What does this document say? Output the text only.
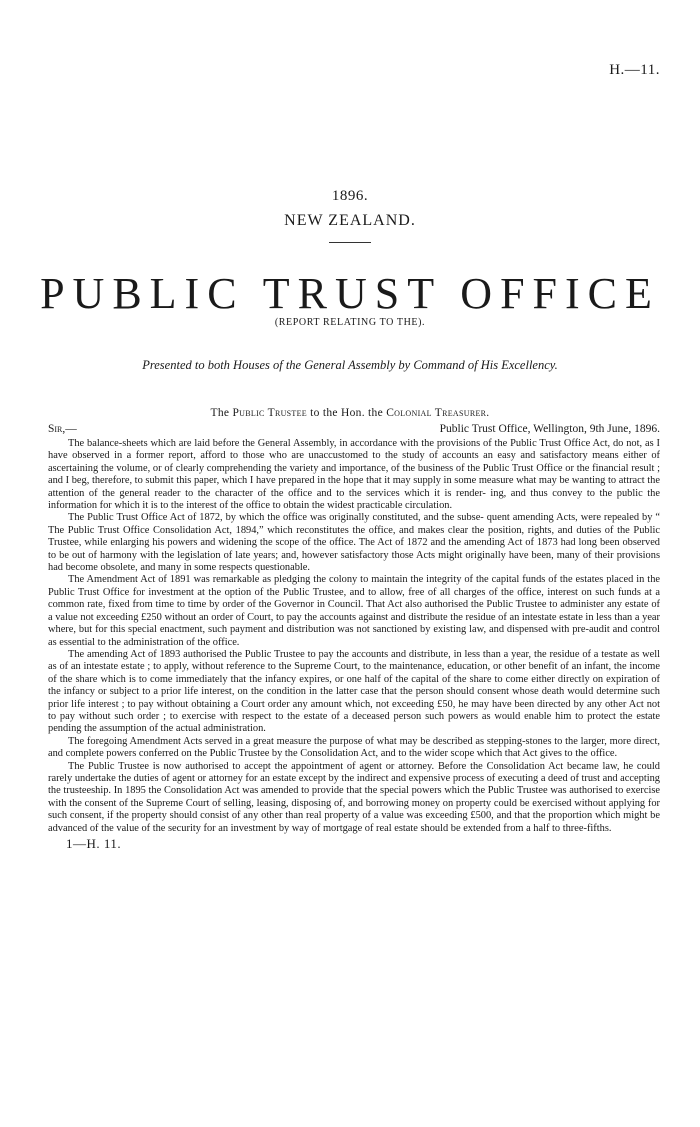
H.—11.
1896.
NEW ZEALAND.
PUBLIC TRUST OFFICE
(REPORT RELATING TO THE).
Presented to both Houses of the General Assembly by Command of His Excellency.
The Public Trustee to the Hon. the Colonial Treasurer.
Sir,—	Public Trust Office, Wellington, 9th June, 1896.

The balance-sheets which are laid before the General Assembly, in accordance with the provisions of the Public Trust Office Act, do not, as I have observed in a former report, afford to those who are unaccustomed to the study of accounts an easy and satisfactory means either of ascertaining the volume, or of clearly comprehending the variety and importance, of the business of the Public Trust Office or the financial result ; and I beg, therefore, to submit this paper, which I have prepared in the hope that it may supply in some measure what may be wanting to attract the attention of the general reader to the character of the office and to the services which it is render- ing, and thus convey to the public the information for which it is to the interest of the office to obtain the widest practicable circulation.

The Public Trust Office Act of 1872, by which the office was originally constituted, and the subse- quent amending Acts, were repealed by “ The Public Trust Office Consolidation Act, 1894,” which reconstitutes the office, and makes clear the position, rights, and duties of the Public Trustee, while enlarging his powers and widening the scope of the office. The Act of 1872 and the amending Act of 1873 had long been observed to be out of harmony with the legislation of late years; and, however satisfactory those Acts might originally have been, many of their provisions had become obsolete, and many in some respects questionable.

The Amendment Act of 1891 was remarkable as pledging the colony to maintain the integrity of the capital funds of the estates placed in the Public Trust Office for investment at the option of the Public Trustee, and to allow, free of all charges of the office, interest on such funds at a common rate, fixed from time to time by order of the Governor in Council. That Act also authorised the Public Trustee to administer any estate of a value not exceeding £250 without an order of Court, to pay the accounts against and distribute the residue of an intestate estate in less than a year where, but for this special enactment, such payment and distribution was not sanctioned by existing law, and dispensed with pre-audit and control as essential to the administration of the office.

The amending Act of 1893 authorised the Public Trustee to pay the accounts and distribute, in less than a year, the residue of a testate as well as of an intestate estate ; to apply, without reference to the Supreme Court, to the maintenance, education, or other benefit of an infant, the income of the share which is to come immediately that the infancy expires, or one half of the capital of the share to come either directly on expiration of the infancy or subject to a prior life interest, on the condition in the latter case that the person should consent whose death would determine such prior life interest ; to pay without obtaining a Court order any amount which, not exceeding £50, he may have been directed by any other Act not to pay without such order ; to exercise with respect to the estate of a deceased person such powers as would enable him to protect the estate pending the assumption of the actual administration.

The foregoing Amendment Acts served in a great measure the purpose of what may be described as stepping-stones to the larger, more direct, and complete powers conferred on the Public Trustee by the Consolidation Act, and to the wider scope which that Act gives to the office.

The Public Trustee is now authorised to accept the appointment of agent or attorney. Before the Consolidation Act became law, he could rarely undertake the duties of agent or attorney for an estate except by the indirect and expensive process of executing a deed of trust and accepting the trusteeship. In 1895 the Consolidation Act was amended to provide that the special powers which the Public Trustee was authorised to exercise with the consent of the Supreme Court of selling, leasing, disposing of, and borrowing money on property could be exercised without applying for such consent, if the property should consist of any other than real property of a value was exceeding £500, and that the proportion which might be advanced of the value of the security for an investment by way of mortgage of real estate should be extended from a half to three-fifths.

1—H. 11.
